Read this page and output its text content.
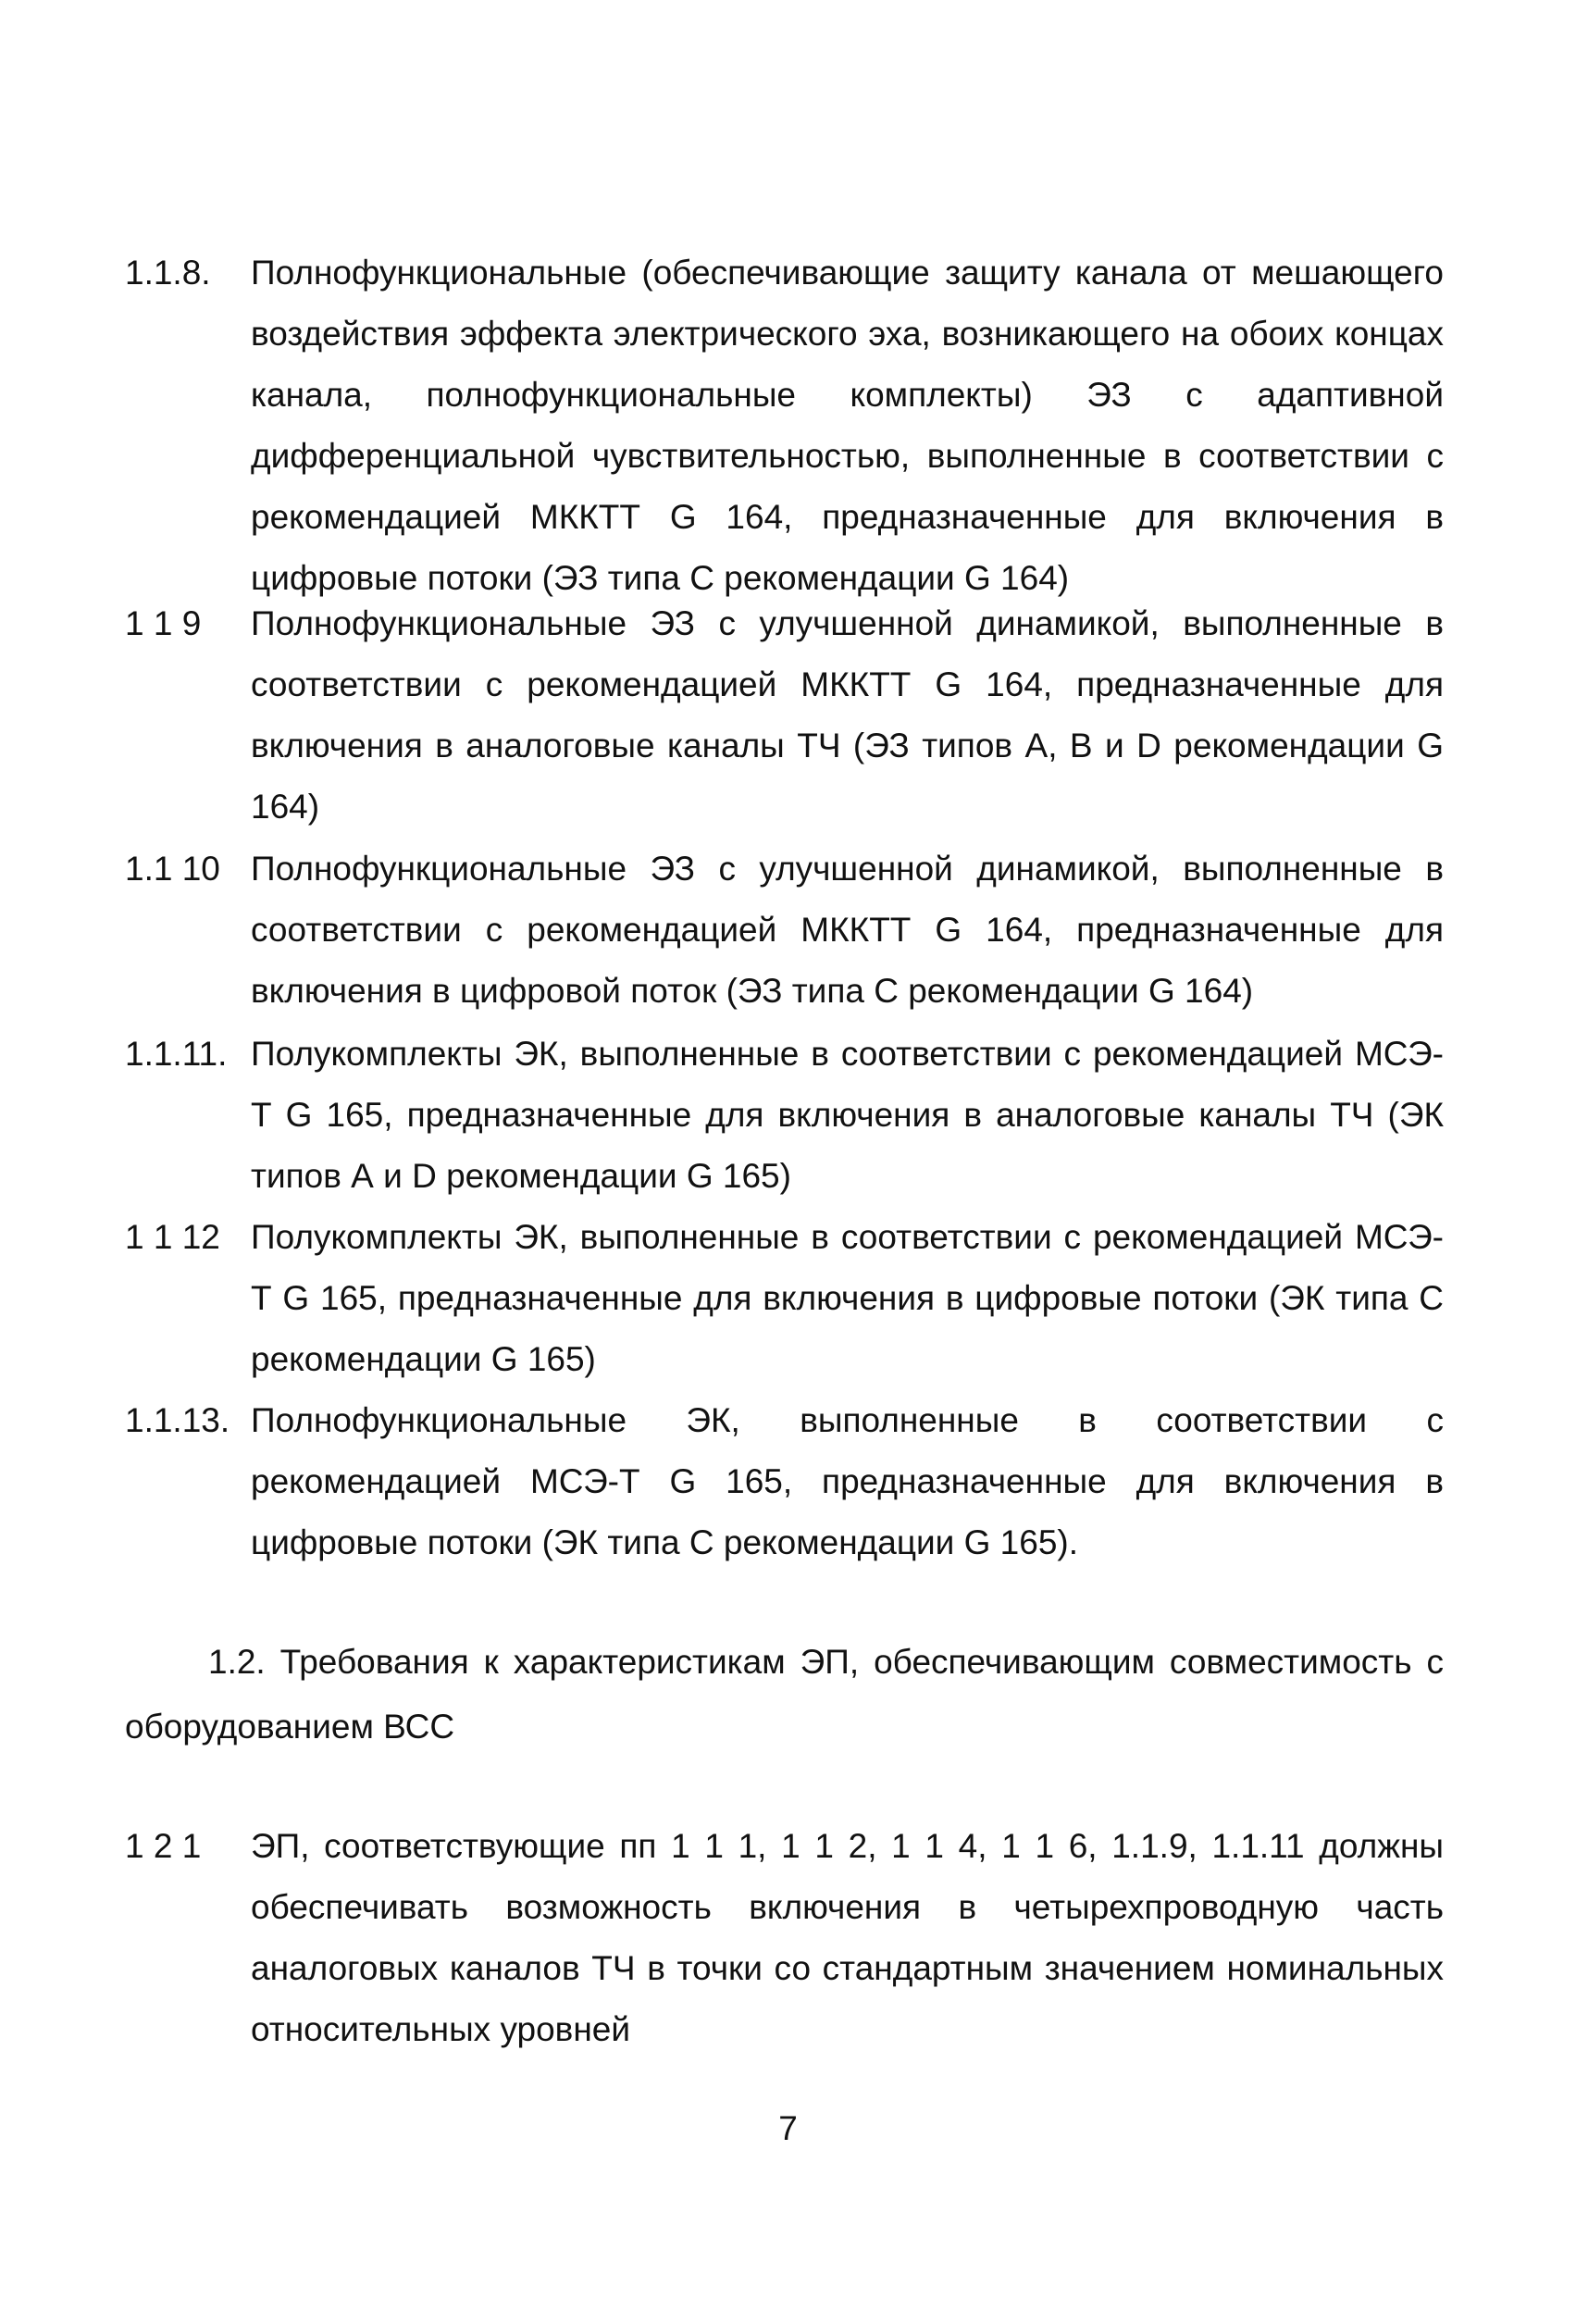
1.1.8. Полнофункциональные (обеспечивающие защиту канала от мешающего воздействия эффекта электрического эха, возникающего на обоих концах канала, полнофункциональные комплекты) ЭЗ с адаптивной дифференциальной чувствительностью, выполненные в соответствии с рекомендацией МККТТ G 164, предназначенные для включения в цифровые потоки (ЭЗ типа С рекомендации G 164)
1 1 9 Полнофункциональные ЭЗ с улучшенной динамикой, выполненные в соответствии с рекомендацией МККТТ G 164, предназначенные для включения в аналоговые каналы ТЧ (ЭЗ типов А, В и D рекомендации G 164)
1.1 10 Полнофункциональные ЭЗ с улучшенной динамикой, выполненные в соответствии с рекомендацией МККТТ G 164, предназначенные для включения в цифровой поток (ЭЗ типа С рекомендации G 164)
1.1.11. Полукомплекты ЭК, выполненные в соответствии с рекомендацией МСЭ-Т G 165, предназначенные для включения в аналоговые каналы ТЧ (ЭК типов А и D рекомендации G 165)
1 1 12 Полукомплекты ЭК, выполненные в соответствии с рекомендацией МСЭ-Т G 165, предназначенные для включения в цифровые потоки (ЭК типа С рекомендации G 165)
1.1.13. Полнофункциональные ЭК, выполненные в соответствии с рекомендацией МСЭ-Т G 165, предназначенные для включения в цифровые потоки (ЭК типа С рекомендации G 165).
1.2. Требования к характеристикам ЭП, обеспечивающим совместимость с оборудованием ВСС
1 2 1 ЭП, соответствующие пп 1 1 1, 1 1 2, 1 1 4, 1 1 6, 1.1.9, 1.1.11 должны обеспечивать возможность включения в четырехпроводную часть аналоговых каналов ТЧ в точки со стандартным значением номинальных относительных уровней
7
